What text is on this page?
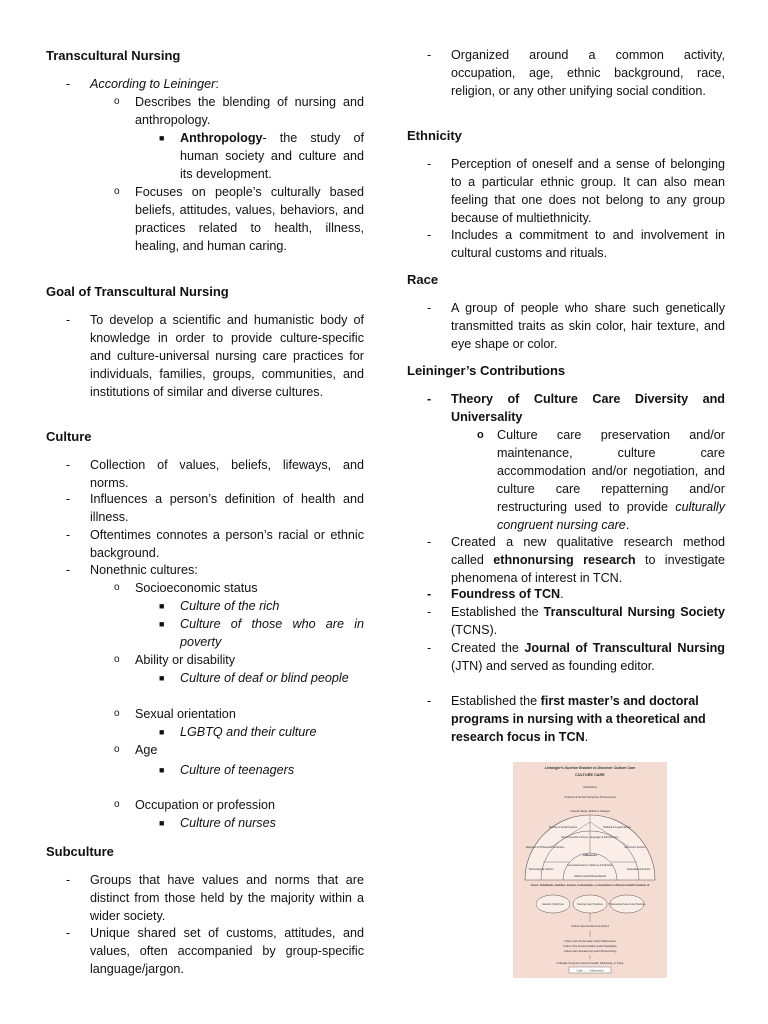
Transcultural Nursing
- According to Leininger:
o Describes the blending of nursing and anthropology.
■ Anthropology- the study of human society and culture and its development.
o Focuses on people’s culturally based beliefs, attitudes, values, behaviors, and practices related to health, illness, healing, and human caring.
Goal of Transcultural Nursing
- To develop a scientific and humanistic body of knowledge in order to provide culture-specific and culture-universal nursing care practices for individuals, families, groups, communities, and institutions of similar and diverse cultures.
Culture
- Collection of values, beliefs, lifeways, and norms.
- Influences a person’s definition of health and illness.
- Oftentimes connotes a person’s racial or ethnic background.
- Nonethnic cultures:
o Socioeconomic status
■ Culture of the rich
■ Culture of those who are in poverty
o Ability or disability
■ Culture of deaf or blind people
o Sexual orientation
■ LGBTQ and their culture
o Age
■ Culture of teenagers
o Occupation or profession
■ Culture of nurses
Subculture
- Groups that have values and norms that are distinct from those held by the majority within a wider society.
- Unique shared set of customs, attitudes, and values, often accompanied by group-specific language/jargon.
- Organized around a common activity, occupation, age, ethnic background, race, religion, or any other unifying social condition.
Ethnicity
- Perception of oneself and a sense of belonging to a particular ethnic group. It can also mean feeling that one does not belong to any group because of multiethnicity.
- Includes a commitment to and involvement in cultural customs and rituals.
Race
- A group of people who share such genetically transmitted traits as skin color, hair texture, and eye shape or color.
Leininger’s Contributions
- Theory of Culture Care Diversity and Universality
o Culture care preservation and/or maintenance, culture care accommodation and/or negotiation, and culture care repatterning and/or restructuring used to provide culturally congruent nursing care.
- Created a new qualitative research method called ethnonursing research to investigate phenomena of interest in TCN.
- Foundress of TCN.
- Established the Transcultural Nursing Society (TCNS).
- Created the Journal of Transcultural Nursing (JTN) and served as founding editor.
- Established the first master’s and doctoral programs in nursing with a theoretical and research focus in TCN.
Leininger's Sunrise Enabler to Discover Culture Care
CULTURE CARE
Worldview
Cultural & Social Structure Dimensions
Kinship & Social Factors
Cultural Values, Beliefs & Lifeways
Political & Legal Factors
Religious & Philosophical Factors	Economic Factors
Technological Factors	Educational Factors
Environmental Context, Language & Ethnohistory
Influences
Care Expressions, Patterns & Practices
Holistic Health/Illness/Death
Focus: Individuals, Families, Groups, Communities, or Institutions in Diverse Health Contexts of
Generic (Folk) Care	Nursing Care Practices	Professional Care-Cure Practices
Culture Care Decisions & Actions
Culture Care Preservation and/or Maintenance
Culture Care Accommodation and/or Negotiation
Culture Care Repatterning and/or Restructuring
Culturally Congruent Care for Health, Well-being, or Dying
Code: ←→ (Influencers)
